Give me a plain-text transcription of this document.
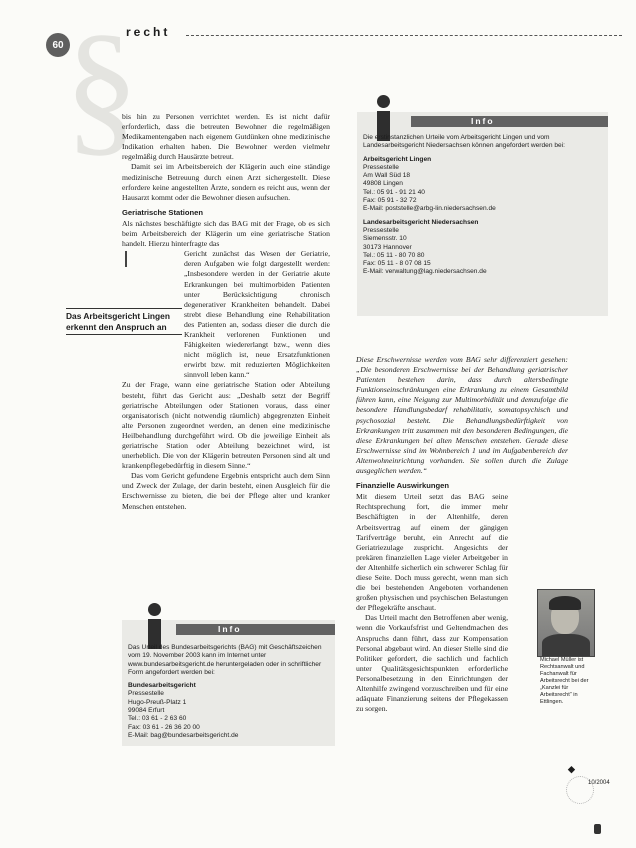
60
recht
§

bis hin zu Personen verrichtet werden. Es ist nicht dafür erforderlich, dass die betreuten Bewohner die regelmäßigen Medikamentengaben nach eigenem Gutdünken ohne medizinische Indikation erhalten haben. Die Bewohner werden vielmehr regelmäßig durch Hausärzte betreut.

Damit sei im Arbeitsbereich der Klägerin auch eine ständige medizinische Betreuung durch einen Arzt sichergestellt. Diese erfordere keine angestellten Ärzte, sondern es reicht aus, wenn der Hausarzt kommt oder die Bewohner diesen aufsuchen.

Geriatrische Stationen

Als nächstes beschäftigte sich das BAG mit der Frage, ob es sich beim Arbeitsbereich der Klägerin um eine geriatrische Station handelt. Hierzu hinterfragte das

Gericht zunächst das Wesen der Geriatrie, deren Aufgaben wie folgt dargestellt werden: „Insbesondere werden in der Geriatrie akute Erkrankungen bei multimorbiden Patienten unter Berücksichtigung chronisch degenerativer Krankheiten behandelt. Dabei strebt diese Behandlung eine Rehabilitation des Patienten an, sodass dieser die durch die Krankheit verlorenen Funktionen und Fähigkeiten wiedererlangt bzw., wenn dies nicht möglich ist, neue Ersatzfunktionen erwirbt bzw. mit reduzierten Möglichkeiten sinnvoll leben kann.“

Zu der Frage, wann eine geriatrische Station oder Abteilung besteht, führt das Gericht aus: „Deshalb setzt der Begriff geriatrische Abteilungen oder Stationen voraus, dass einer organisatorisch (nicht notwendig räumlich) abgegrenzten Einheit alte Personen zugeordnet werden, an denen eine medizinische Heilbehandlung durchgeführt wird. Ob die jeweilige Einheit als geriatrische Station oder Abteilung bezeichnet wird, ist unerheblich. Die von der Klägerin betreuten Personen sind alt und krankenpflegebedürftig in diesem Sinne.“

Das vom Gericht gefundene Ergebnis entspricht auch dem Sinn und Zweck der Zulage, der darin besteht, einen Ausgleich für die Erschwernisse zu bieten, die bei der Pflege alter und kranker Menschen entstehen.

Das Arbeitsgericht Lingen erkennt den Anspruch an
Info
Die erstinstanzlichen Urteile vom Arbeitsgericht Lingen und vom Landesarbeitsgericht Niedersachsen können angefordert werden bei:
Arbeitsgericht Lingen
Pressestelle
Am Wall Süd 18
49808 Lingen
Tel.: 05 91 - 91 21 40
Fax: 05 91 - 32 72
E-Mail: poststelle@arbg-lin.niedersachsen.de
Landesarbeitsgericht Niedersachsen
Pressestelle
Siemensstr. 10
30173 Hannover
Tel.: 05 11 - 80 70 80
Fax: 05 11 - 8 07 08 15
E-Mail: verwaltung@lag.niedersachsen.de

Diese Erschwernisse werden vom BAG sehr differenziert gesehen: „Die besonderen Erschwernisse bei der Behandlung geriatrischer Patienten bestehen darin, dass durch altersbedingte Funktionseinschränkungen eine Erkrankung zu einem Gesamtbild führen kann, eine Neigung zur Multimorbidität und demzufolge die besondere Handlungsbedarf rehabilitativ, somatopsychisch und psychosozial besteht. Die Behandlungsbedürftigkeit von Erkrankungen tritt zusammen mit den besonderen Bedingungen, die diese Erkrankungen bei alten Menschen entstehen. Gerade diese Erschwernisse sind im Wohnbereich 1 und im Aufgabenbereich der Altenwohneinrichtung vorhanden. Sie sollen durch die Zulage ausgeglichen werden.“

Finanzielle Auswirkungen

Mit diesem Urteil setzt das BAG seine Rechtsprechung fort, die immer mehr Beschäftigten in der Altenhilfe, deren Arbeitsvertrag auf einem der gängigen Tarifverträge beruht, ein Anrecht auf die Geriatriezulage zuspricht. Angesichts der prekären finanziellen Lage vieler Arbeitgeber in der Altenhilfe sicherlich ein schwerer Schlag für diese Seite. Doch muss gerecht, wenn man sich die bei bestehenden Angeboten vorhandenen großen physischen und psychischen Belastungen der Pflegekräfte anschaut.

Das Urteil macht den Betroffenen aber wenig, wenn die Vorkaufsfrist und Geltendmachen des Anspruchs dann führt, dass zur Kompensation Personal abgebaut wird. An dieser Stelle sind die Politiker gefordert, die sachlich und fachlich unter Qualitätsgesichtspunkten erforderliche Personalbesetzung in den Einrichtungen der Altenhilfe zwingend vorzuschreiben und für eine adäquate Finanzierung seitens der Pflegekassen zu sorgen.

Michael Müller ist Rechtsanwalt und Fachanwalt für Arbeitsrecht bei der „Kanzlei für Arbeitsrecht“ in Ettlingen.
Info
Das Urteil des Bundesarbeitsgerichts (BAG) mit Geschäftszeichen vom 19. November 2003 kann im Internet unter www.bundesarbeitsgericht.de heruntergeladen oder in schriftlicher Form angefordert werden bei:
Bundesarbeitsgericht
Pressestelle
Hugo-Preuß-Platz 1
99084 Erfurt
Tel.: 03 61 - 2 63 60
Fax: 03 61 - 26 36 20 00
E-Mail: bag@bundesarbeitsgericht.de
◆
10/2004
